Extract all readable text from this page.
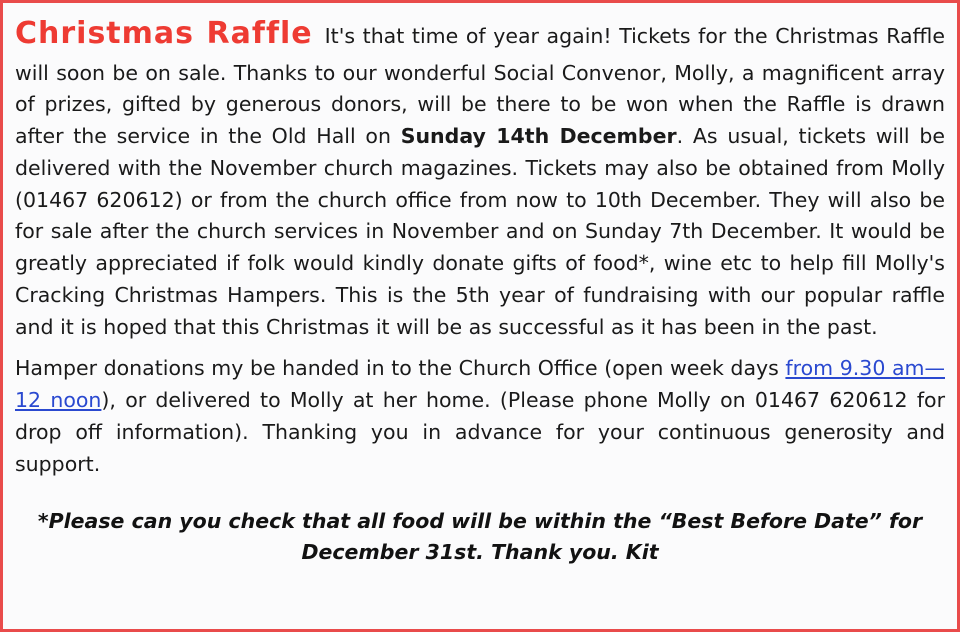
Christmas Raffle It's that time of year again! Tickets for the Christmas Raffle will soon be on sale. Thanks to our wonderful Social Convenor, Molly, a magnificent array of prizes, gifted by generous donors, will be there to be won when the Raffle is drawn after the service in the Old Hall on Sunday 14th December. As usual, tickets will be delivered with the November church magazines. Tickets may also be obtained from Molly (01467 620612) or from the church office from now to 10th December. They will also be for sale after the church services in November and on Sunday 7th December. It would be greatly appreciated if folk would kindly donate gifts of food*, wine etc to help fill Molly's Cracking Christmas Hampers. This is the 5th year of fundraising with our popular raffle and it is hoped that this Christmas it will be as successful as it has been in the past.

Hamper donations my be handed in to the Church Office (open week days from 9.30 am—12 noon), or delivered to Molly at her home. (Please phone Molly on 01467 620612 for drop off information). Thanking you in advance for your continuous generosity and support.

*Please can you check that all food will be within the “Best Before Date” for
December 31st. Thank you. Kit
